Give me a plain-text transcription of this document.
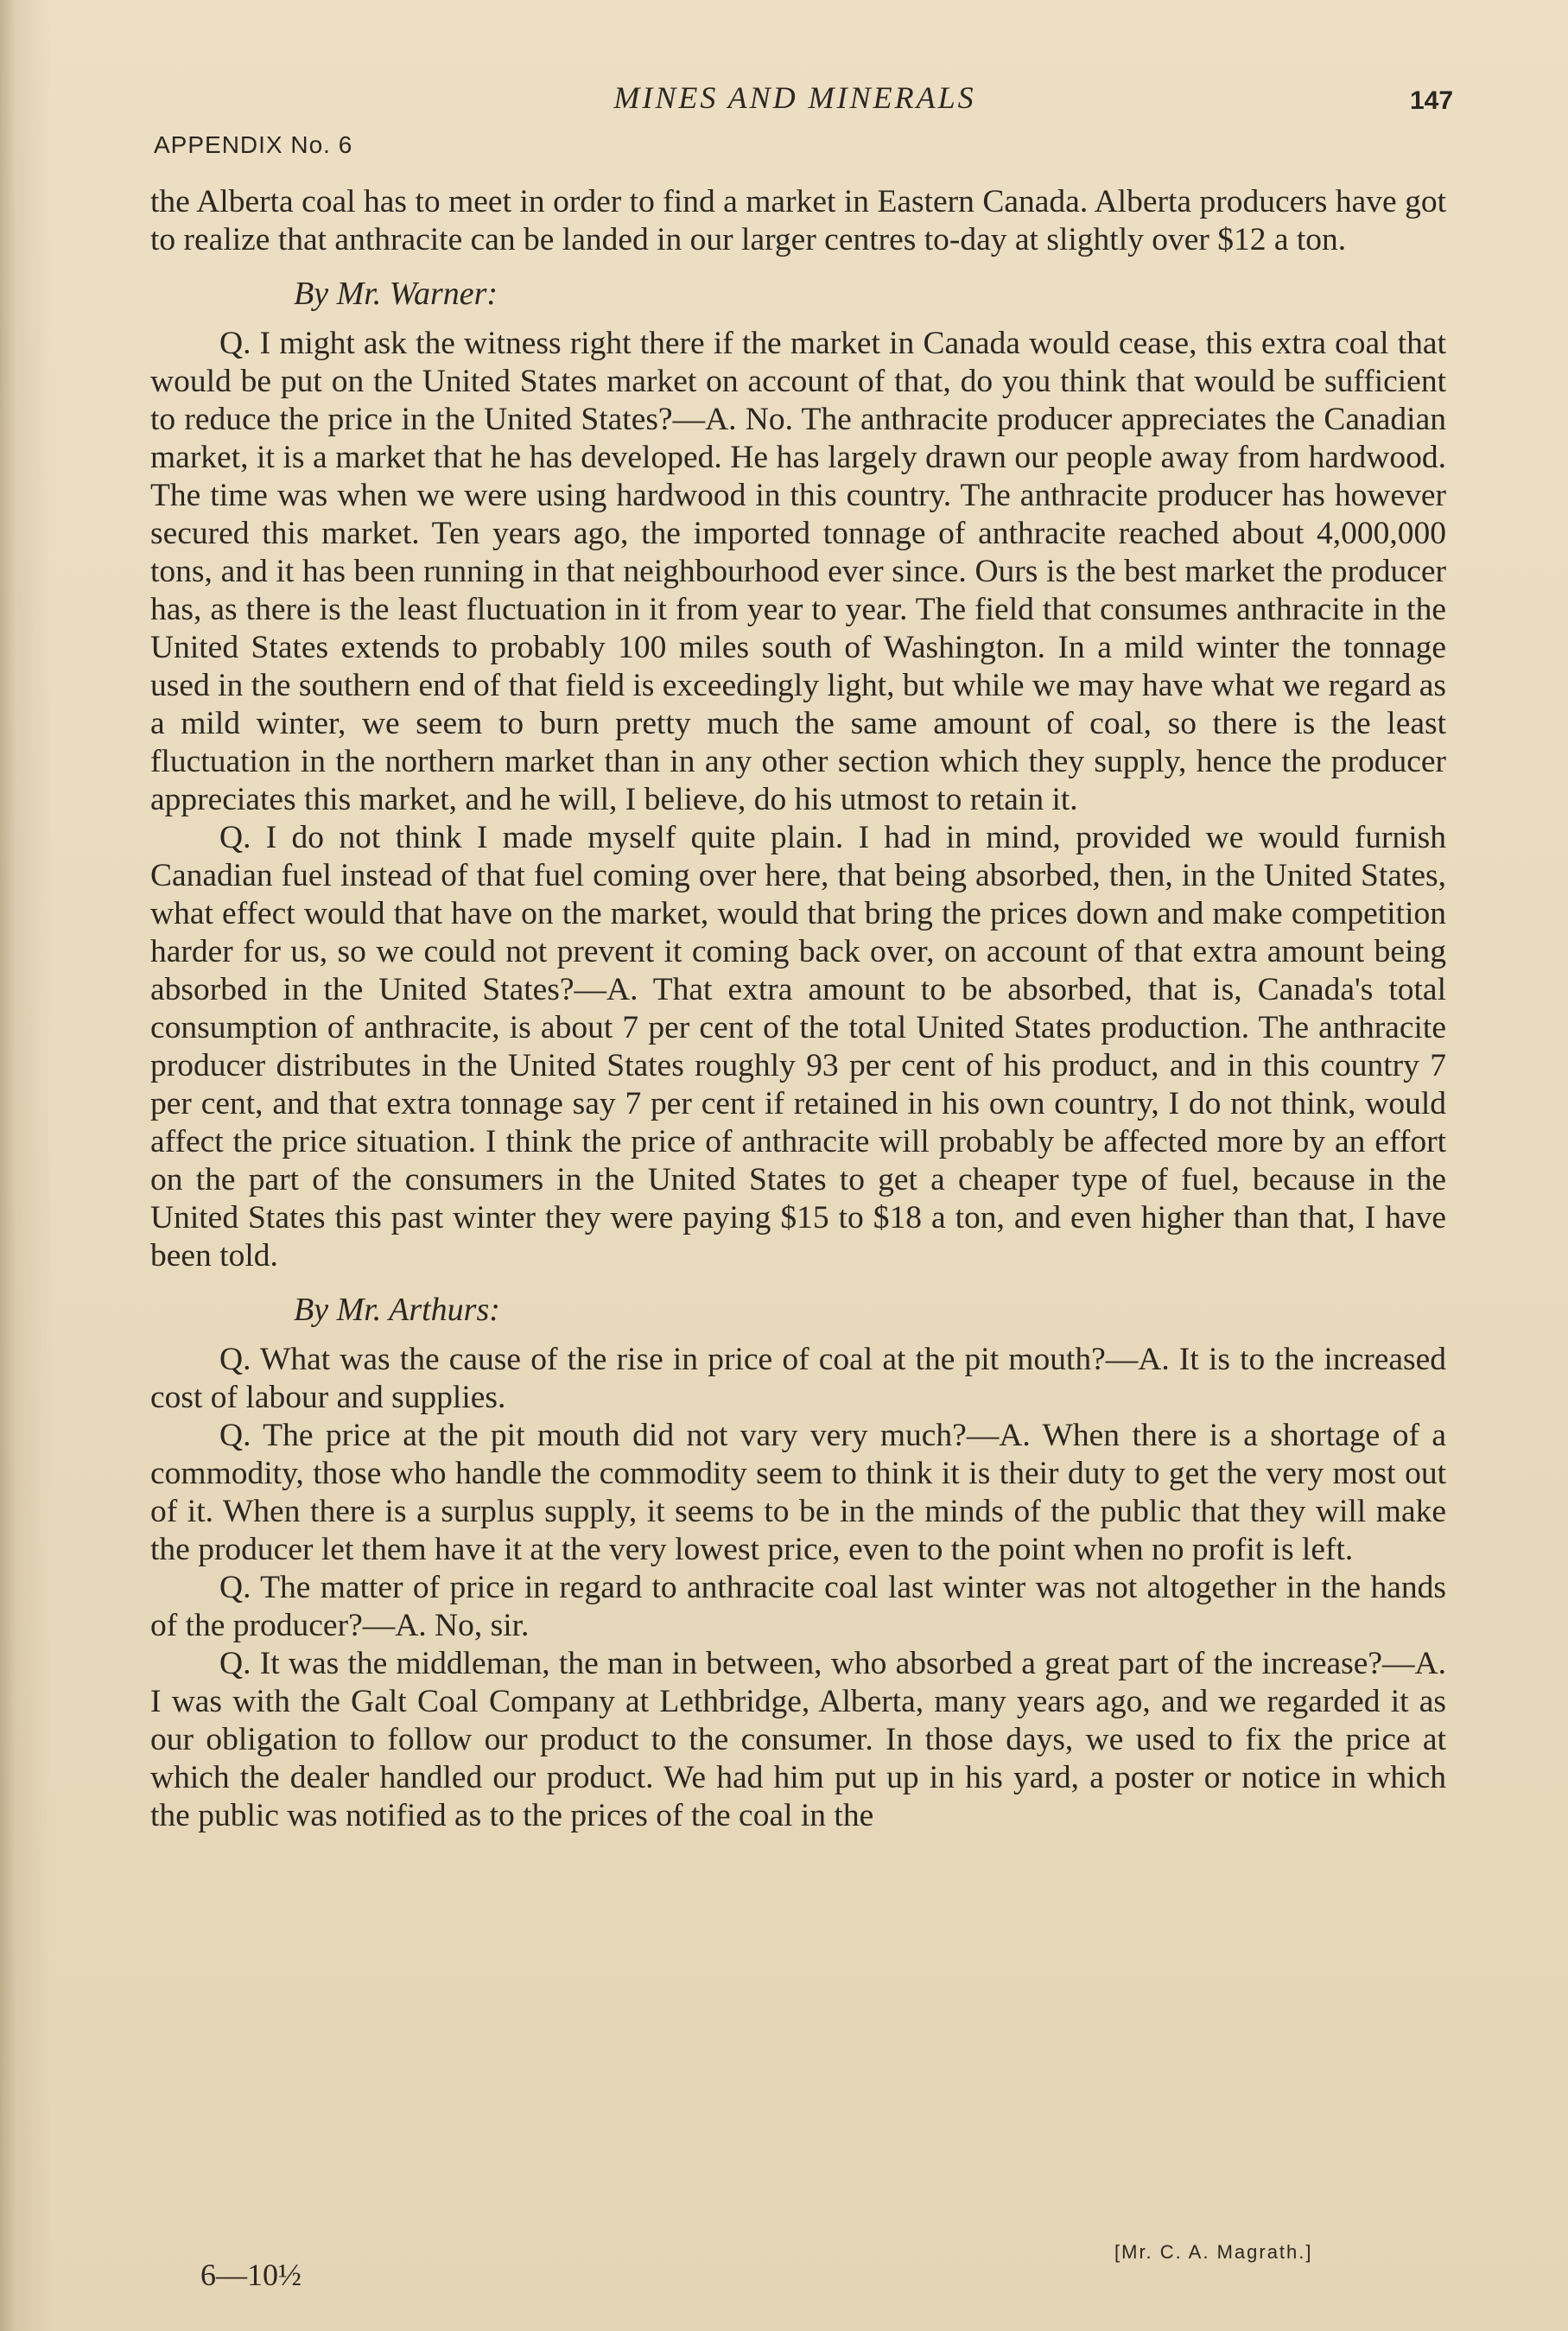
MINES AND MINERALS	147
APPENDIX No. 6

the Alberta coal has to meet in order to find a market in Eastern Canada. Alberta producers have got to realize that anthracite can be landed in our larger centres to-day at slightly over $12 a ton.

By Mr. Warner:

Q. I might ask the witness right there if the market in Canada would cease, this extra coal that would be put on the United States market on account of that, do you think that would be sufficient to reduce the price in the United States?—A. No. The anthracite producer appreciates the Canadian market, it is a market that he has developed. He has largely drawn our people away from hardwood. The time was when we were using hardwood in this country. The anthracite producer has however secured this market. Ten years ago, the imported tonnage of anthracite reached about 4,000,000 tons, and it has been running in that neighbourhood ever since. Ours is the best market the producer has, as there is the least fluctuation in it from year to year. The field that consumes anthracite in the United States extends to probably 100 miles south of Washington. In a mild winter the tonnage used in the southern end of that field is exceedingly light, but while we may have what we regard as a mild winter, we seem to burn pretty much the same amount of coal, so there is the least fluctuation in the northern market than in any other section which they supply, hence the producer appreciates this market, and he will, I believe, do his utmost to retain it.

Q. I do not think I made myself quite plain. I had in mind, provided we would furnish Canadian fuel instead of that fuel coming over here, that being absorbed, then, in the United States, what effect would that have on the market, would that bring the prices down and make competition harder for us, so we could not prevent it coming back over, on account of that extra amount being absorbed in the United States?—A. That extra amount to be absorbed, that is, Canada's total consumption of anthracite, is about 7 per cent of the total United States production. The anthracite producer distributes in the United States roughly 93 per cent of his product, and in this country 7 per cent, and that extra tonnage say 7 per cent if retained in his own country, I do not think, would affect the price situation. I think the price of anthracite will probably be affected more by an effort on the part of the consumers in the United States to get a cheaper type of fuel, because in the United States this past winter they were paying $15 to $18 a ton, and even higher than that, I have been told.

By Mr. Arthurs:

Q. What was the cause of the rise in price of coal at the pit mouth?—A. It is to the increased cost of labour and supplies.

Q. The price at the pit mouth did not vary very much?—A. When there is a shortage of a commodity, those who handle the commodity seem to think it is their duty to get the very most out of it. When there is a surplus supply, it seems to be in the minds of the public that they will make the producer let them have it at the very lowest price, even to the point when no profit is left.

Q. The matter of price in regard to anthracite coal last winter was not altogether in the hands of the producer?—A. No, sir.

Q. It was the middleman, the man in between, who absorbed a great part of the increase?—A. I was with the Galt Coal Company at Lethbridge, Alberta, many years ago, and we regarded it as our obligation to follow our product to the consumer. In those days, we used to fix the price at which the dealer handled our product. We had him put up in his yard, a poster or notice in which the public was notified as to the prices of the coal in the

[Mr. C. A. Magrath.]
6—10½
